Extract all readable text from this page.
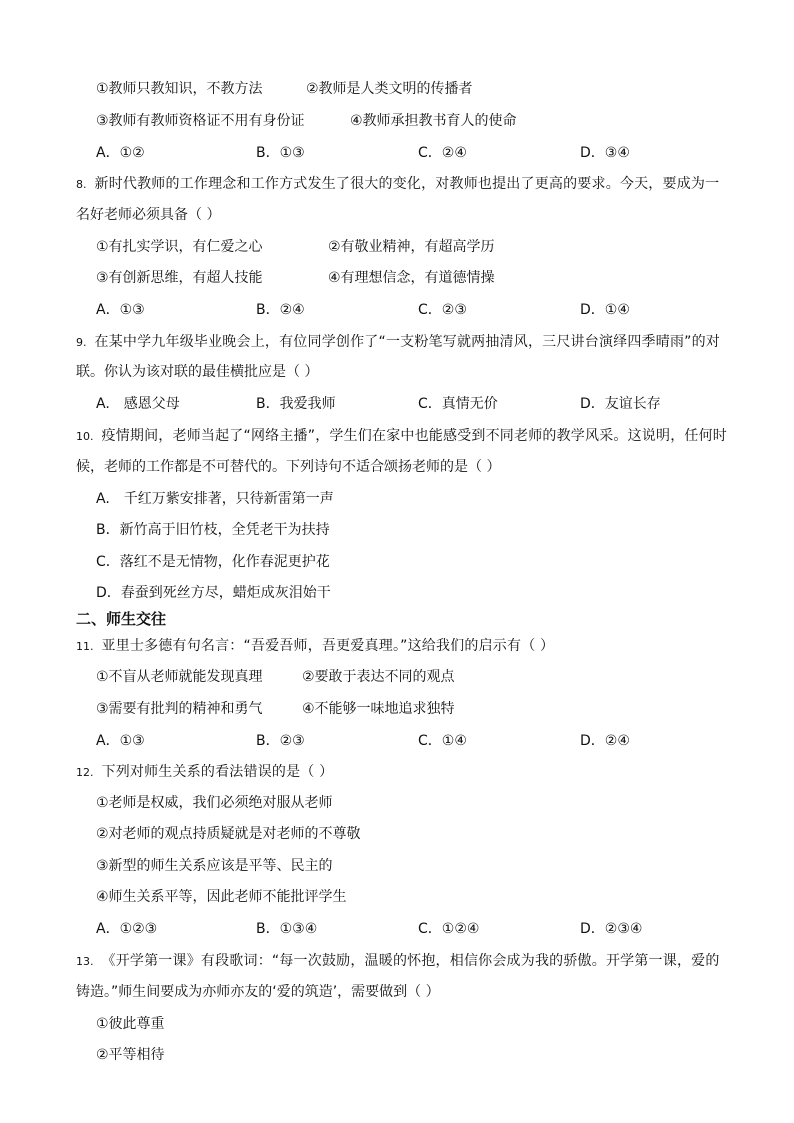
①教师只教知识，不教方法	②教师是人类文明的传播者
③教师有教师资格证不用有身份证	④教师承担教书育人的使命
A．①②	B．①③	C．②④	D．③④
8. 新时代教师的工作理念和工作方式发生了很大的变化，对教师也提出了更高的要求。今天，要成为一
名好老师必须具备（ ）
①有扎实学识，有仁爱之心	②有敬业精神，有超高学历
③有创新思维，有超人技能	④有理想信念，有道德情操
A．①③	B．②④	C．②③	D．①④
9. 在某中学九年级毕业晚会上，有位同学创作了“一支粉笔写就两抽清风，三尺讲台演绎四季晴雨”的对
联。你认为该对联的最佳横批应是（ ）
A.　感恩父母	B．我爱我师	C．真情无价	D．友谊长存
10. 疫情期间，老师当起了“网络主播”，学生们在家中也能感受到不同老师的教学风采。这说明，任何时
候，老师的工作都是不可替代的。下列诗句不适合颂扬老师的是（ ）
A.　千红万紫安排著，只待新雷第一声
B．新竹高于旧竹枝，全凭老干为扶持
C．落红不是无情物，化作春泥更护花
D．春蚕到死丝方尽，蜡炬成灰泪始干
二、师生交往
11. 亚里士多德有句名言：“吾爱吾师，吾更爱真理。”这给我们的启示有（ ）
①不盲从老师就能发现真理	②要敢于表达不同的观点
③需要有批判的精神和勇气	④不能够一味地追求独特
A．①③	B．②③	C．①④	D．②④
12. 下列对师生关系的看法错误的是（ ）
①老师是权威，我们必须绝对服从老师
②对老师的观点持质疑就是对老师的不尊敬
③新型的师生关系应该是平等、民主的
④师生关系平等，因此老师不能批评学生
A．①②③	B．①③④	C．①②④	D．②③④
13. 《开学第一课》有段歌词：“每一次鼓励，温暖的怀抱，相信你会成为我的骄傲。开学第一课，爱的
铸造。”师生间要成为亦师亦友的‘爱的筑造’，需要做到（ ）
①彼此尊重
②平等相待
